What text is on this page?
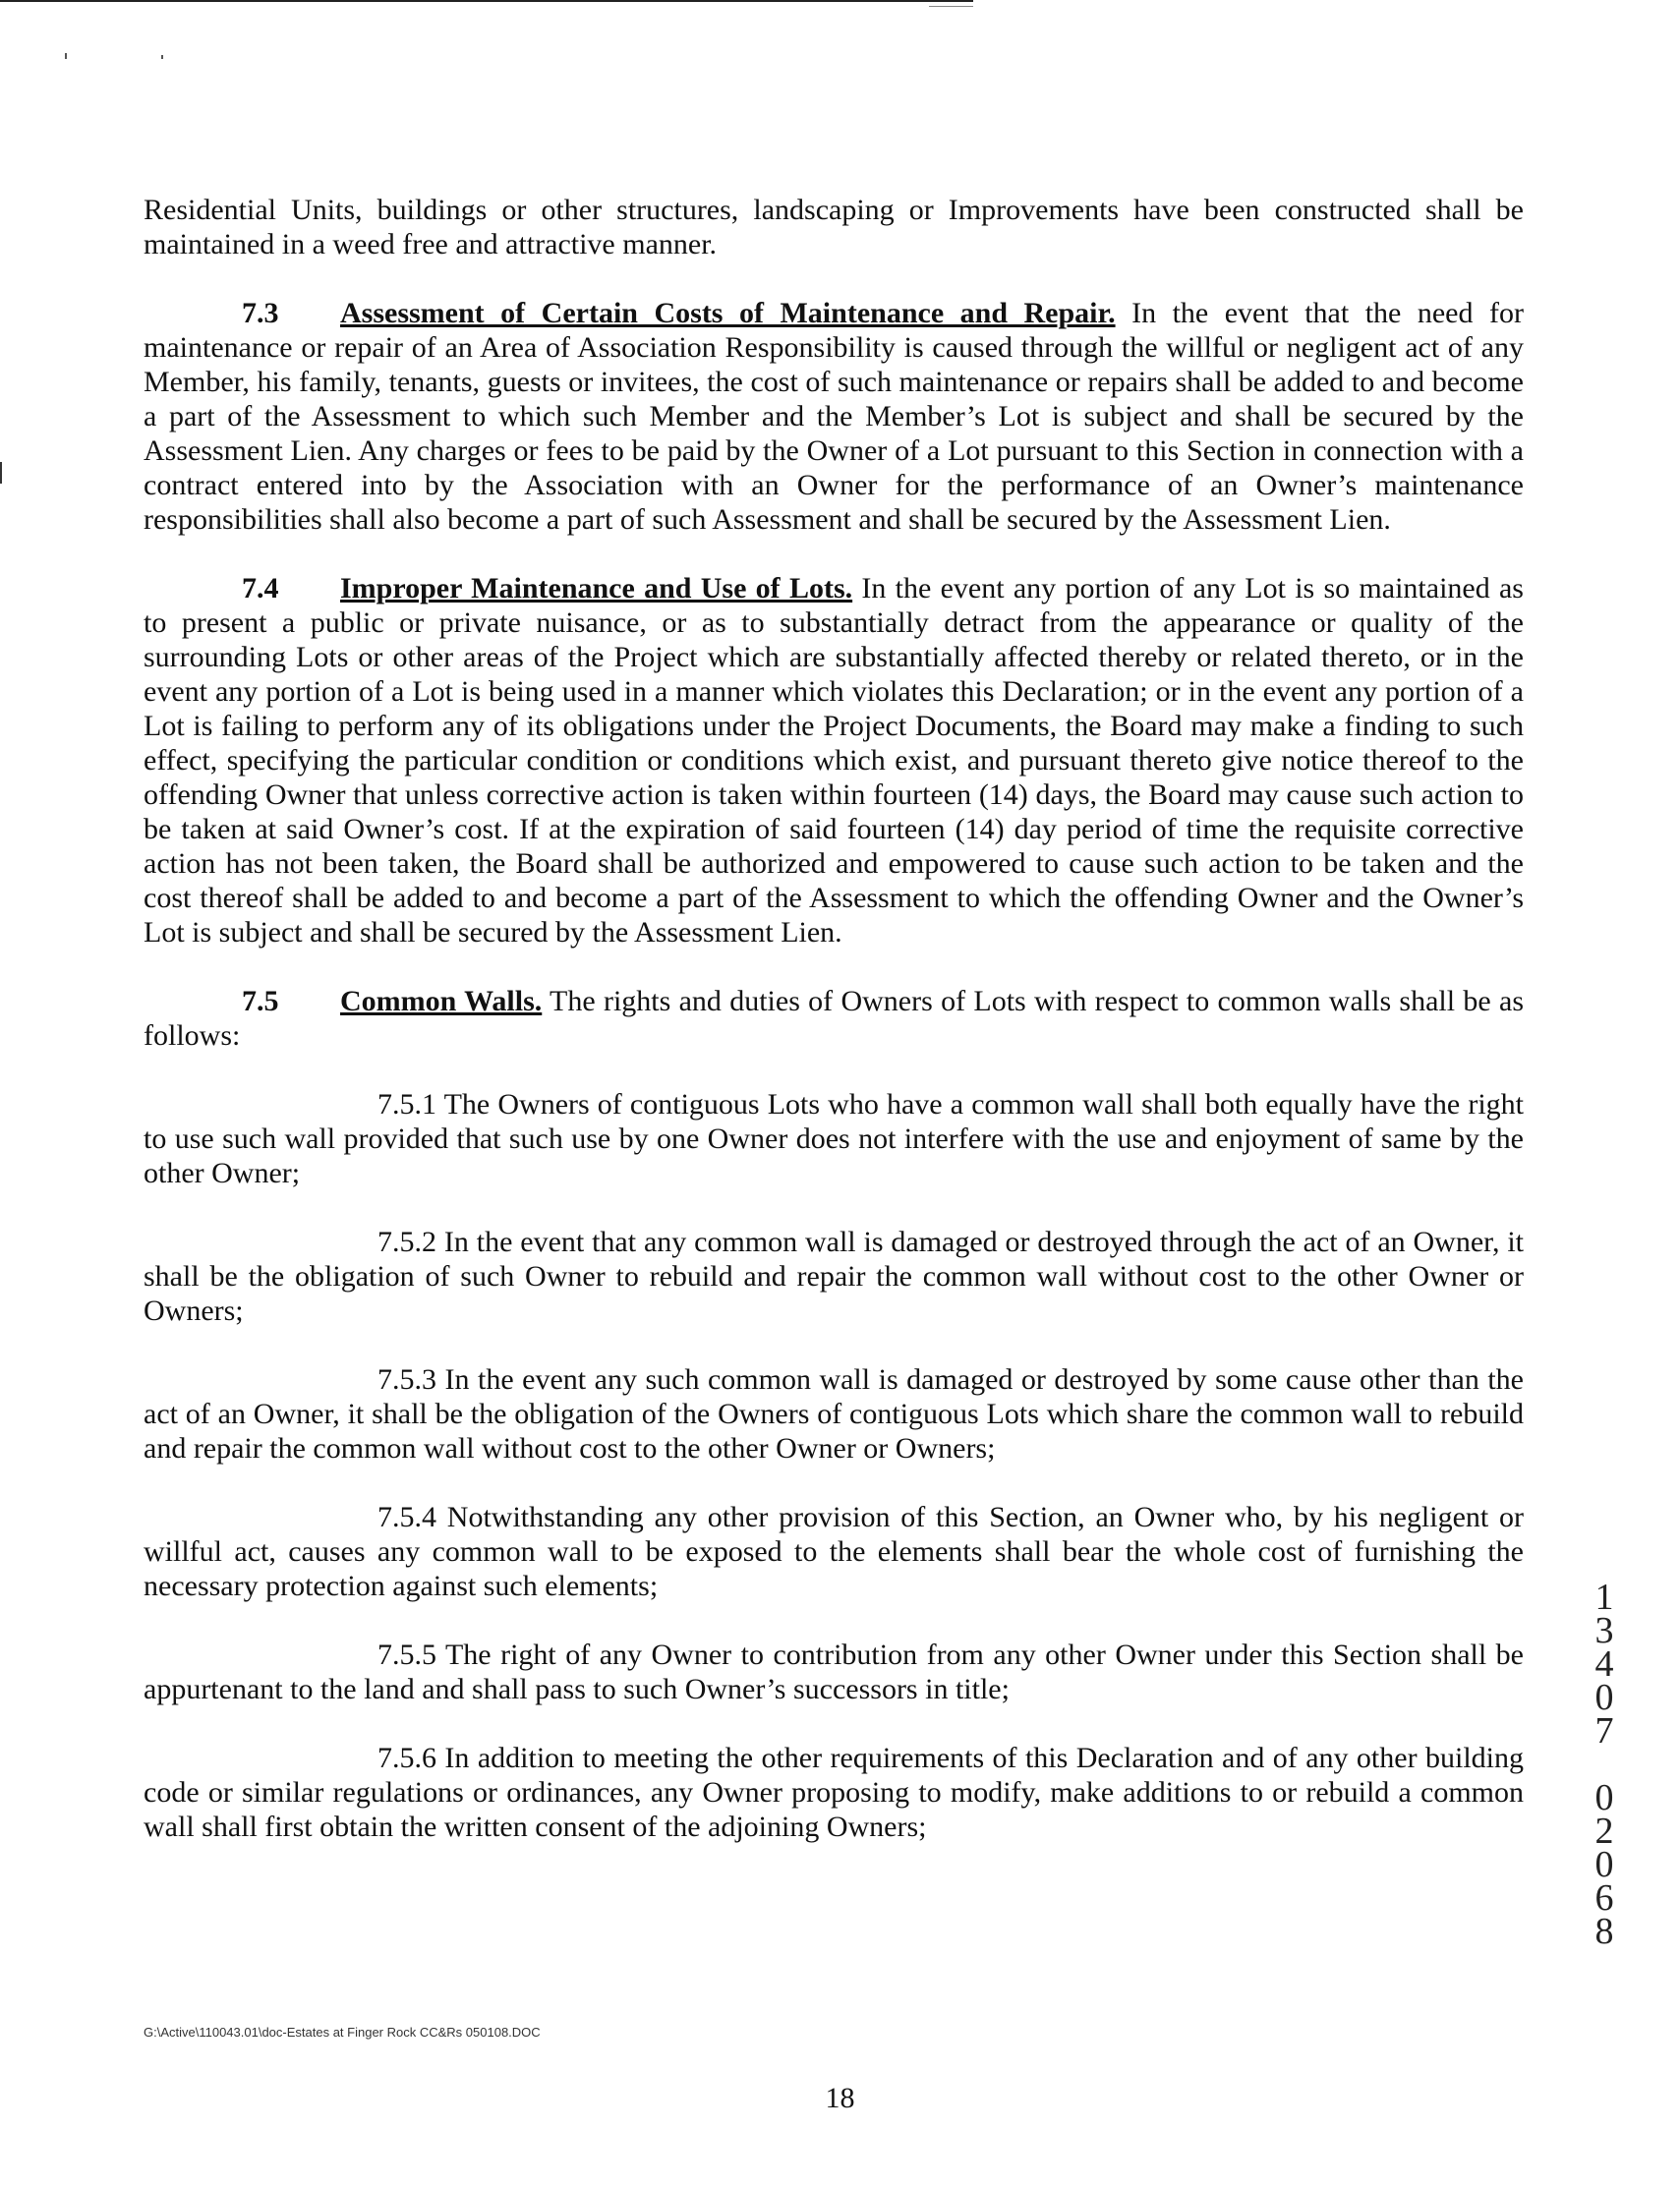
Residential Units, buildings or other structures, landscaping or Improvements have been constructed shall be maintained in a weed free and attractive manner.

7.3 Assessment of Certain Costs of Maintenance and Repair. In the event that the need for maintenance or repair of an Area of Association Responsibility is caused through the willful or negligent act of any Member, his family, tenants, guests or invitees, the cost of such maintenance or repairs shall be added to and become a part of the Assessment to which such Member and the Member’s Lot is subject and shall be secured by the Assessment Lien. Any charges or fees to be paid by the Owner of a Lot pursuant to this Section in connection with a contract entered into by the Association with an Owner for the performance of an Owner’s maintenance responsibilities shall also become a part of such Assessment and shall be secured by the Assessment Lien.

7.4 Improper Maintenance and Use of Lots. In the event any portion of any Lot is so maintained as to present a public or private nuisance, or as to substantially detract from the appearance or quality of the surrounding Lots or other areas of the Project which are substantially affected thereby or related thereto, or in the event any portion of a Lot is being used in a manner which violates this Declaration; or in the event any portion of a Lot is failing to perform any of its obligations under the Project Documents, the Board may make a finding to such effect, specifying the particular condition or conditions which exist, and pursuant thereto give notice thereof to the offending Owner that unless corrective action is taken within fourteen (14) days, the Board may cause such action to be taken at said Owner’s cost. If at the expiration of said fourteen (14) day period of time the requisite corrective action has not been taken, the Board shall be authorized and empowered to cause such action to be taken and the cost thereof shall be added to and become a part of the Assessment to which the offending Owner and the Owner’s Lot is subject and shall be secured by the Assessment Lien.

7.5 Common Walls. The rights and duties of Owners of Lots with respect to common walls shall be as follows:

7.5.1 The Owners of contiguous Lots who have a common wall shall both equally have the right to use such wall provided that such use by one Owner does not interfere with the use and enjoyment of same by the other Owner;

7.5.2 In the event that any common wall is damaged or destroyed through the act of an Owner, it shall be the obligation of such Owner to rebuild and repair the common wall without cost to the other Owner or Owners;

7.5.3 In the event any such common wall is damaged or destroyed by some cause other than the act of an Owner, it shall be the obligation of the Owners of contiguous Lots which share the common wall to rebuild and repair the common wall without cost to the other Owner or Owners;

7.5.4 Notwithstanding any other provision of this Section, an Owner who, by his negligent or willful act, causes any common wall to be exposed to the elements shall bear the whole cost of furnishing the necessary protection against such elements;

7.5.5 The right of any Owner to contribution from any other Owner under this Section shall be appurtenant to the land and shall pass to such Owner’s successors in title;

7.5.6 In addition to meeting the other requirements of this Declaration and of any other building code or similar regulations or ordinances, any Owner proposing to modify, make additions to or rebuild a common wall shall first obtain the written consent of the adjoining Owners;

1
3
4
0
7
0
2
0
6
8
G:\Active\110043.01\doc-Estates at Finger Rock CC&Rs 050108.DOC
18
